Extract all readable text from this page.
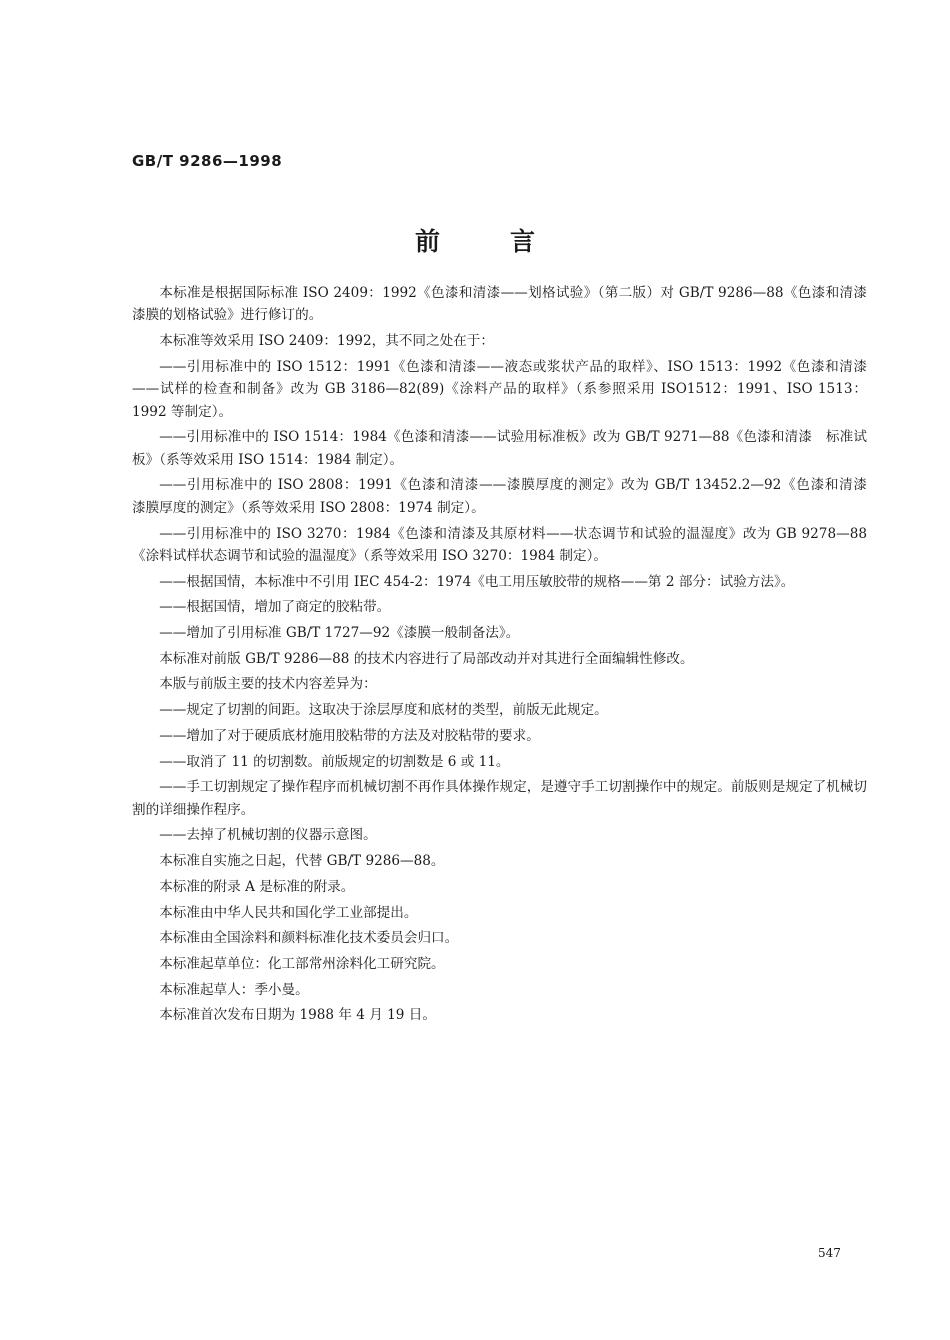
GB/T 9286—1998
前言

本标准是根据国际标准 ISO 2409：1992《色漆和清漆——划格试验》（第二版）对 GB/T 9286—88《色漆和清漆　漆膜的划格试验》进行修订的。

本标准等效采用 ISO 2409：1992，其不同之处在于：

——引用标准中的 ISO 1512：1991《色漆和清漆——液态或浆状产品的取样》、ISO 1513：1992《色漆和清漆——试样的检查和制备》改为 GB 3186—82(89)《涂料产品的取样》（系参照采用 ISO1512：1991、ISO 1513：1992 等制定）。

——引用标准中的 ISO 1514：1984《色漆和清漆——试验用标准板》改为 GB/T 9271—88《色漆和清漆　标准试板》（系等效采用 ISO 1514：1984 制定）。

——引用标准中的 ISO 2808：1991《色漆和清漆——漆膜厚度的测定》改为 GB/T 13452.2—92《色漆和清漆　漆膜厚度的测定》（系等效采用 ISO 2808：1974 制定）。

——引用标准中的 ISO 3270：1984《色漆和清漆及其原材料——状态调节和试验的温湿度》改为 GB 9278—88《涂料试样状态调节和试验的温湿度》（系等效采用 ISO 3270：1984 制定）。

——根据国情，本标准中不引用 IEC 454-2：1974《电工用压敏胶带的规格——第 2 部分：试验方法》。

——根据国情，增加了商定的胶粘带。

——增加了引用标准 GB/T 1727—92《漆膜一般制备法》。

本标准对前版 GB/T 9286—88 的技术内容进行了局部改动并对其进行全面编辑性修改。

本版与前版主要的技术内容差异为：

——规定了切割的间距。这取决于涂层厚度和底材的类型，前版无此规定。

——增加了对于硬质底材施用胶粘带的方法及对胶粘带的要求。

——取消了 11 的切割数。前版规定的切割数是 6 或 11。

——手工切割规定了操作程序而机械切割不再作具体操作规定，是遵守手工切割操作中的规定。前版则是规定了机械切割的详细操作程序。

——去掉了机械切割的仪器示意图。

本标准自实施之日起，代替 GB/T 9286—88。

本标准的附录 A 是标准的附录。

本标准由中华人民共和国化学工业部提出。

本标准由全国涂料和颜料标准化技术委员会归口。

本标准起草单位：化工部常州涂料化工研究院。

本标准起草人：季小曼。

本标准首次发布日期为 1988 年 4 月 19 日。

547
